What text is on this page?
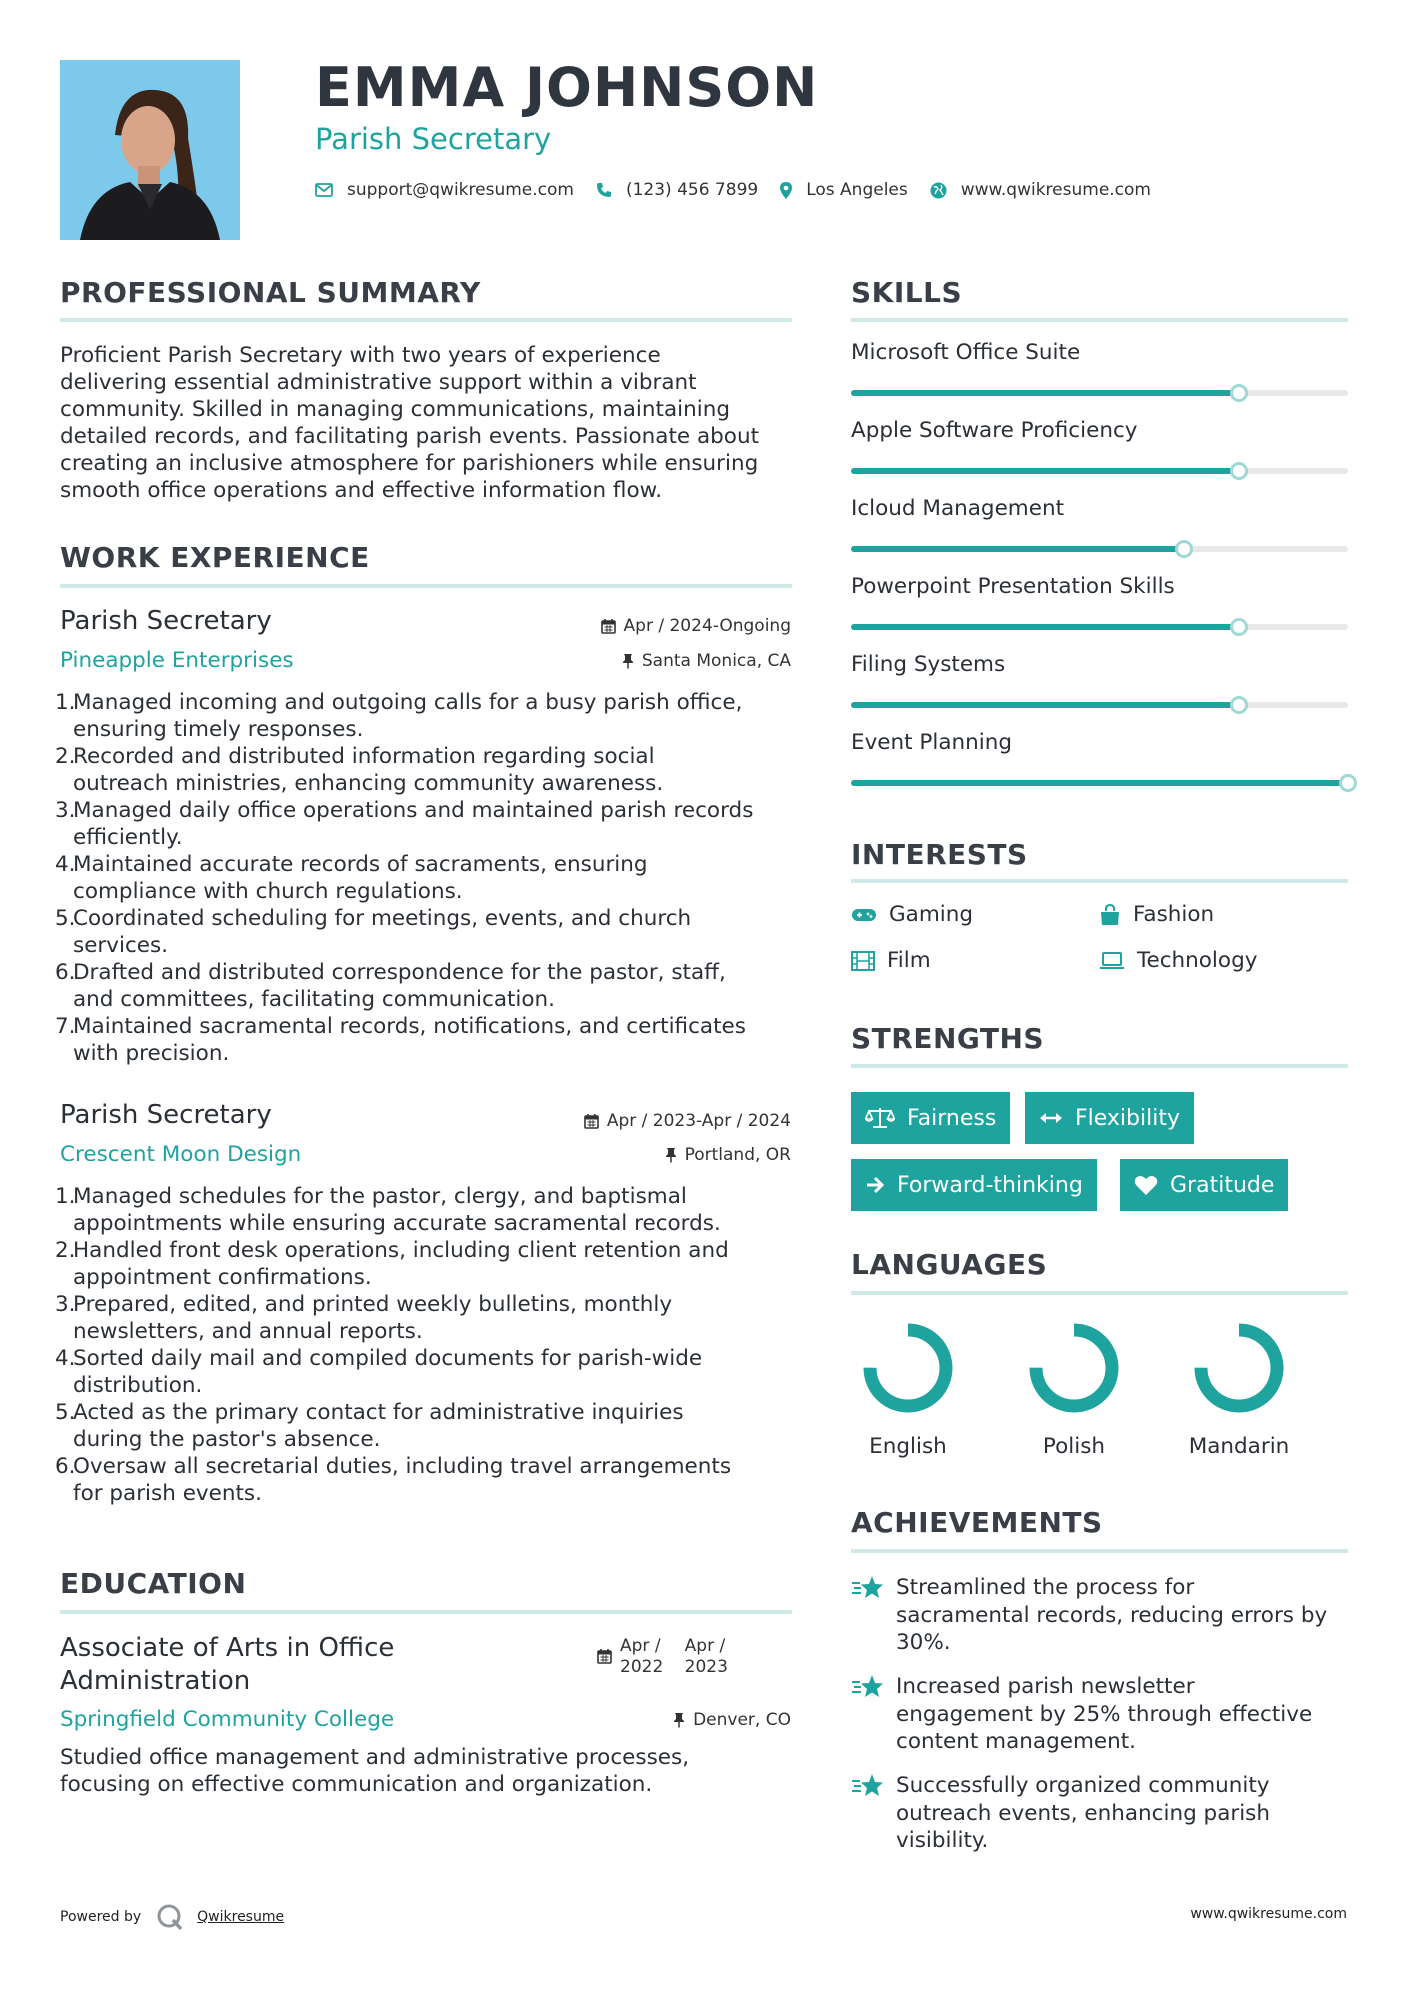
EMMA JOHNSON
Parish Secretary
support@qwikresume.com	(123) 456 7899	Los Angeles	www.qwikresume.com
PROFESSIONAL SUMMARY
Proficient Parish Secretary with two years of experience
delivering essential administrative support within a vibrant
community. Skilled in managing communications, maintaining
detailed records, and facilitating parish events. Passionate about
creating an inclusive atmosphere for parishioners while ensuring
smooth office operations and effective information flow.
WORK EXPERIENCE
Parish Secretary	Apr / 2024-Ongoing
Pineapple Enterprises	Santa Monica, CA
1.
Managed incoming and outgoing calls for a busy parish office,
ensuring timely responses.
2.
Recorded and distributed information regarding social
outreach ministries, enhancing community awareness.
3.
Managed daily office operations and maintained parish records
efficiently.
4.
Maintained accurate records of sacraments, ensuring
compliance with church regulations.
5.
Coordinated scheduling for meetings, events, and church
services.
6.
Drafted and distributed correspondence for the pastor, staff,
and committees, facilitating communication.
7.
Maintained sacramental records, notifications, and certificates
with precision.
Parish Secretary	Apr / 2023-Apr / 2024
Crescent Moon Design	Portland, OR
1.
Managed schedules for the pastor, clergy, and baptismal
appointments while ensuring accurate sacramental records.
2.
Handled front desk operations, including client retention and
appointment confirmations.
3.
Prepared, edited, and printed weekly bulletins, monthly
newsletters, and annual reports.
4.
Sorted daily mail and compiled documents for parish-wide
distribution.
5.
Acted as the primary contact for administrative inquiries
during the pastor's absence.
6.
Oversaw all secretarial duties, including travel arrangements
for parish events.
EDUCATION
Associate of Arts in Office
Administration
Apr /
2022

Apr /
2023
Springfield Community College	Denver, CO
Studied office management and administrative processes,
focusing on effective communication and organization.
SKILLS
Microsoft Office Suite
Apple Software Proficiency
Icloud Management
Powerpoint Presentation Skills
Filing Systems
Event Planning
INTERESTS
Gaming	Fashion
Film	Technology
STRENGTHS
Fairness	Flexibility
Forward-thinking	Gratitude
LANGUAGES
English	Polish	Mandarin
ACHIEVEMENTS
Streamlined the process for
sacramental records, reducing errors by
30%.
Increased parish newsletter
engagement by 25% through effective
content management.
Successfully organized community
outreach events, enhancing parish
visibility.
Powered by	Qwikresume	www.qwikresume.com
